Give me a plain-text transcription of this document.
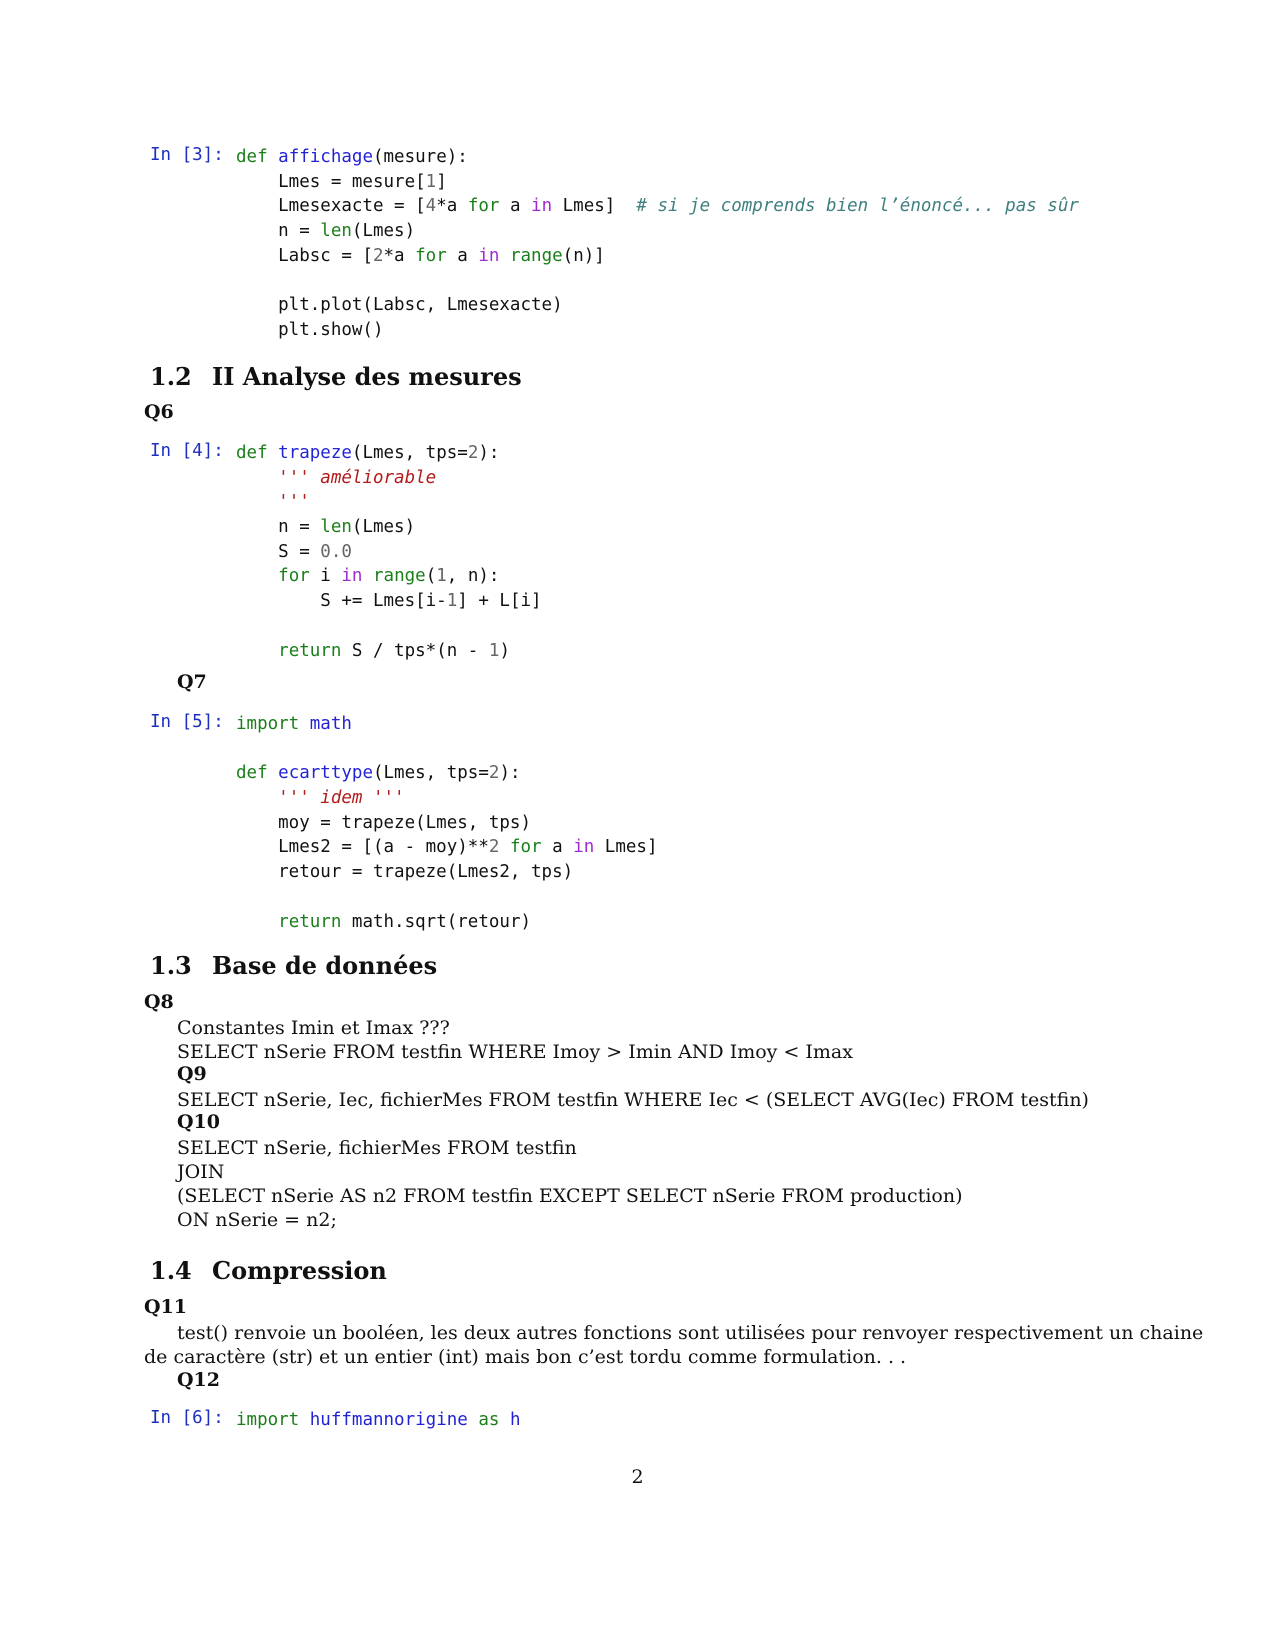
In [3]: def affichage(mesure):
Lmes = mesure[1]
Lmesexacte = [4*a for a in Lmes]  # si je comprends bien l’énoncé... pas sûr
n = len(Lmes)
Labsc = [2*a for a in range(n)]
plt.plot(Labsc, Lmesexacte)
plt.show()
1.2 II Analyse des mesures
Q6
In [4]: def trapeze(Lmes, tps=2):
''' améliorable
'''
n = len(Lmes)
S = 0.0
for i in range(1, n):
S += Lmes[i-1] + L[i]
return S / tps*(n - 1)
Q7
In [5]: import math
def ecarttype(Lmes, tps=2):
''' idem '''
moy = trapeze(Lmes, tps)
Lmes2 = [(a - moy)**2 for a in Lmes]
retour = trapeze(Lmes2, tps)
return math.sqrt(retour)
1.3 Base de données
Q8
Constantes Imin et Imax ???
SELECT nSerie FROM testfin WHERE Imoy > Imin AND Imoy < Imax
Q9
SELECT nSerie, Iec, fichierMes FROM testfin WHERE Iec < (SELECT AVG(Iec) FROM testfin)
Q10
SELECT nSerie, fichierMes FROM testfin
JOIN
(SELECT nSerie AS n2 FROM testfin EXCEPT SELECT nSerie FROM production)
ON nSerie = n2;
1.4 Compression
Q11
test() renvoie un booléen, les deux autres fonctions sont utilisées pour renvoyer respectivement un chaine
de caractère (str) et un entier (int) mais bon c’est tordu comme formulation. . .
Q12
In [6]: import huffmannorigine as h
2
